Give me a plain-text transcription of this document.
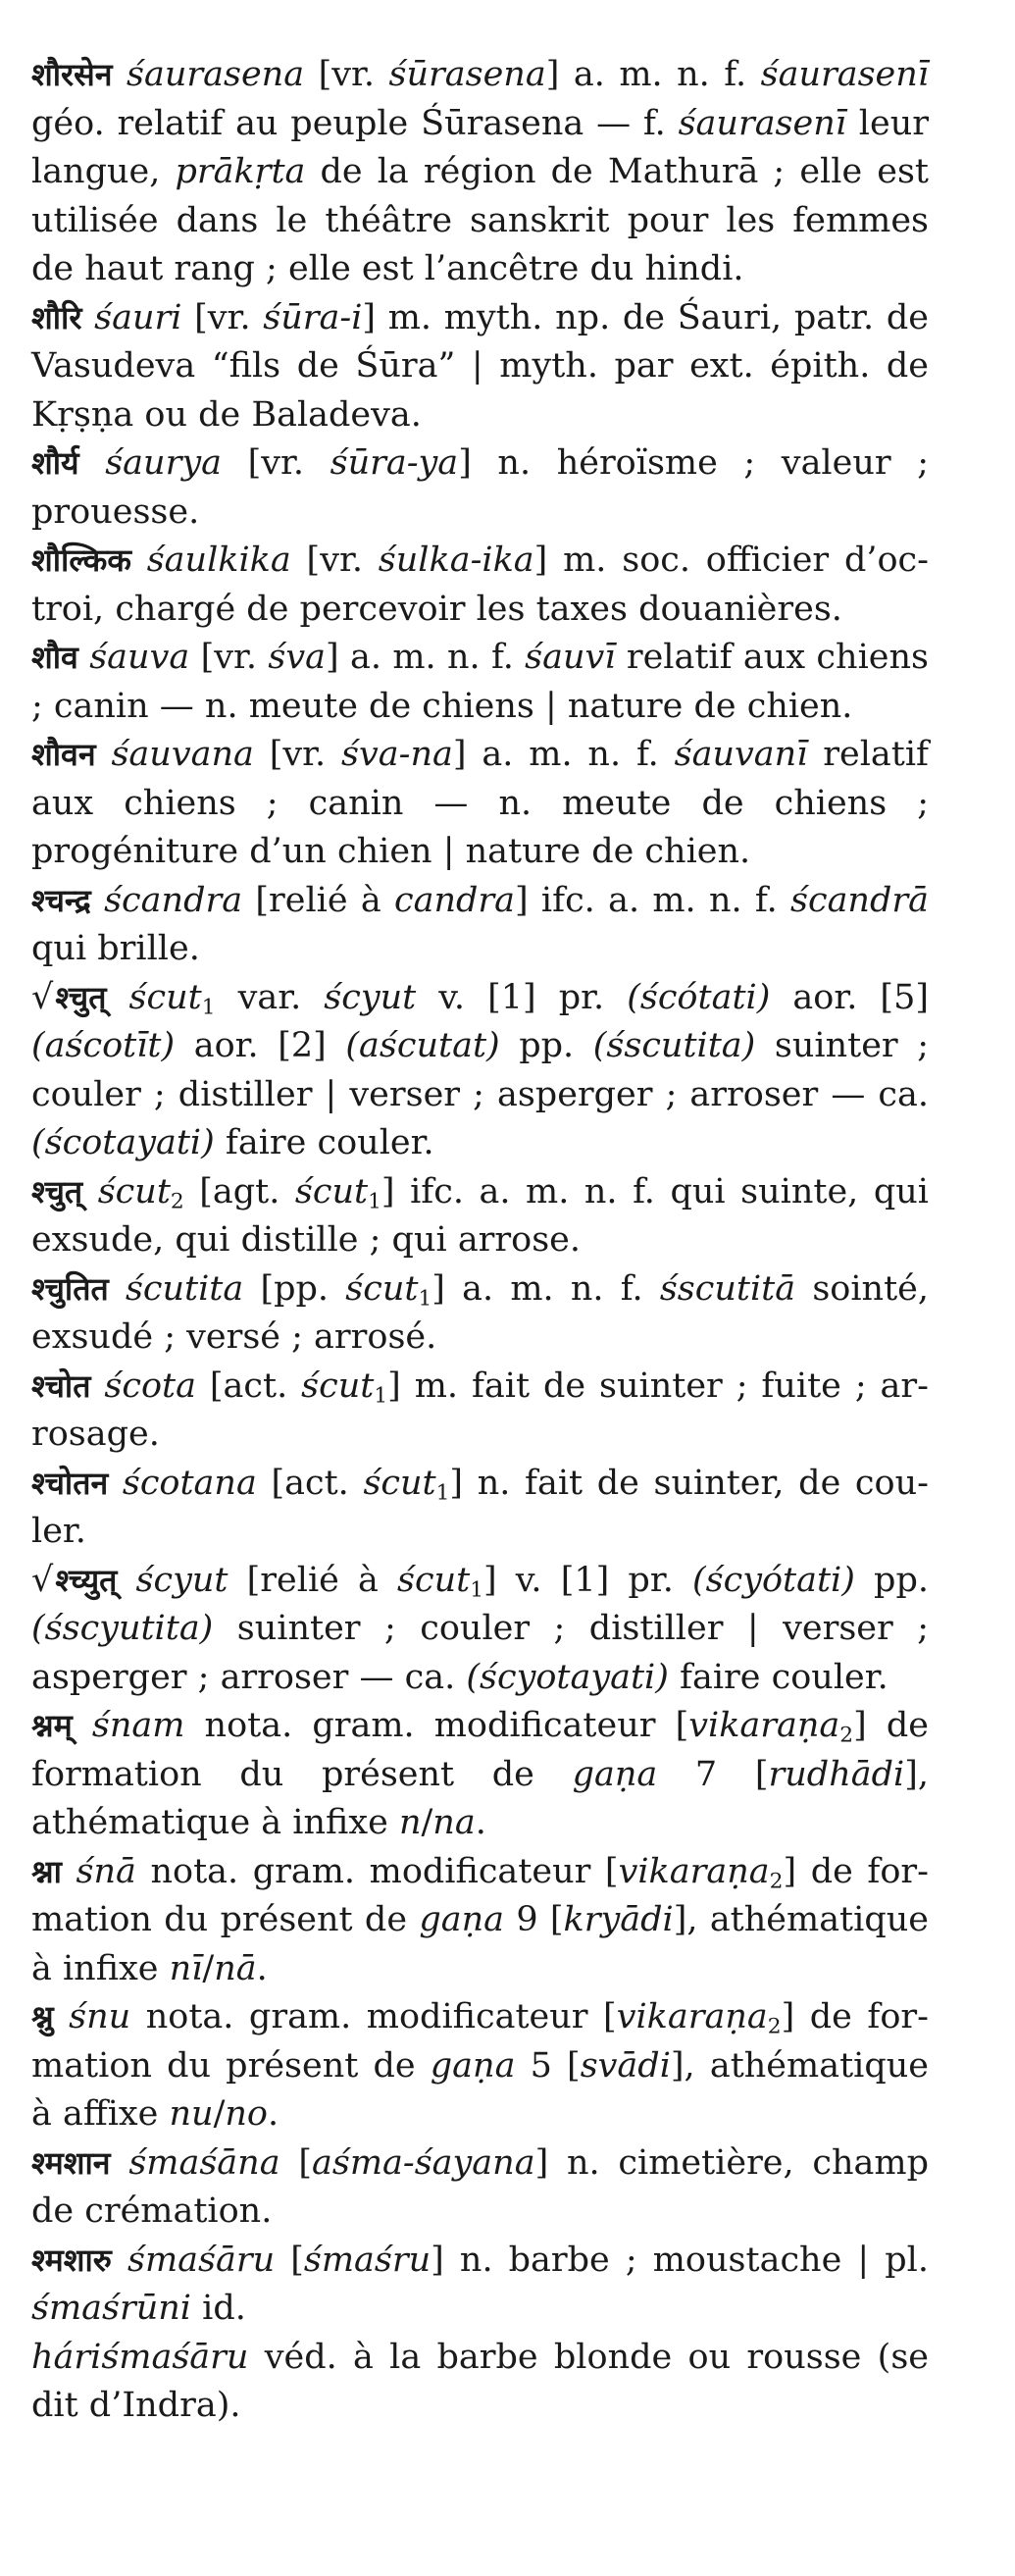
शौरसेन śaurasena [vr. śūrasena] a. m. n. f. śaurasenī géo. relatif au peuple Śūrasena — f. śaurasenī leur langue, prākṛta de la région de Mathurā ; elle est utilisée dans le théâtre sanskrit pour les femmes de haut rang ; elle est l’ancêtre du hindi.

शौरि śauri [vr. śūra-i] m. myth. np. de Śauri, patr. de Vasudeva “fils de Śūra” | myth. par ext. épith. de Kṛṣṇa ou de Baladeva.

शौर्य śaurya [vr. śūra-ya] n. héroïsme ; valeur ; prouesse.

शौल्किक śaulkika [vr. śulka-ika] m. soc. officier d’octroi, chargé de percevoir les taxes douanières.

शौव śauva [vr. śva] a. m. n. f. śauvī relatif aux chiens ; canin — n. meute de chiens | nature de chien.

शौवन śauvana [vr. śva-na] a. m. n. f. śauvanī relatif aux chiens ; canin — n. meute de chiens ; progéniture d’un chien | nature de chien.

श्चन्द्र ścandra [relié à candra] ifc. a. m. n. f. ścandrā qui brille.

√श्चुत् ścut$_1$ var. ścyut v. [1] pr. (ścótati) aor. [5] (aścotīt) aor. [2] (aścutat) pp. (śscutita) suinter ; couler ; distiller | verser ; asperger ; arroser — ca. (ścotayati) faire couler.

श्चुत् ścut$_2$ [agt. ścut$_1$] ifc. a. m. n. f. qui suinte, qui exsude, qui distille ; qui arrose.

श्चुतित ścutita [pp. ścut$_1$] a. m. n. f. śscutitā sointé, exsudé ; versé ; arrosé.

श्चोत ścota [act. ścut$_1$] m. fait de suinter ; fuite ; arrosage.

श्चोतन ścotana [act. ścut$_1$] n. fait de suinter, de couler.

√श्च्युत् ścyut [relié à ścut$_1$] v. [1] pr. (ścyótati) pp. (śscyutita) suinter ; couler ; distiller | verser ; asperger ; arroser — ca. (ścyotayati) faire couler.

श्नम् śnam nota. gram. modificateur [vikaraṇa$_2$] de formation du présent de gaṇa 7 [rudhādi], athématique à infixe n/na.

श्ना śnā nota. gram. modificateur [vikaraṇa$_2$] de formation du présent de gaṇa 9 [kryādi], athématique à infixe nī/nā.

श्नु śnu nota. gram. modificateur [vikaraṇa$_2$] de formation du présent de gaṇa 5 [svādi], athématique à affixe nu/no.

श्मशान śmaśāna [aśma-śayana] n. cimetière, champ de crémation.

श्मशारु śmaśāru [śmaśru] n. barbe ; moustache | pl. śmaśrūni id.

háriśmaśāru véd. à la barbe blonde ou rousse (se dit d’Indra).
